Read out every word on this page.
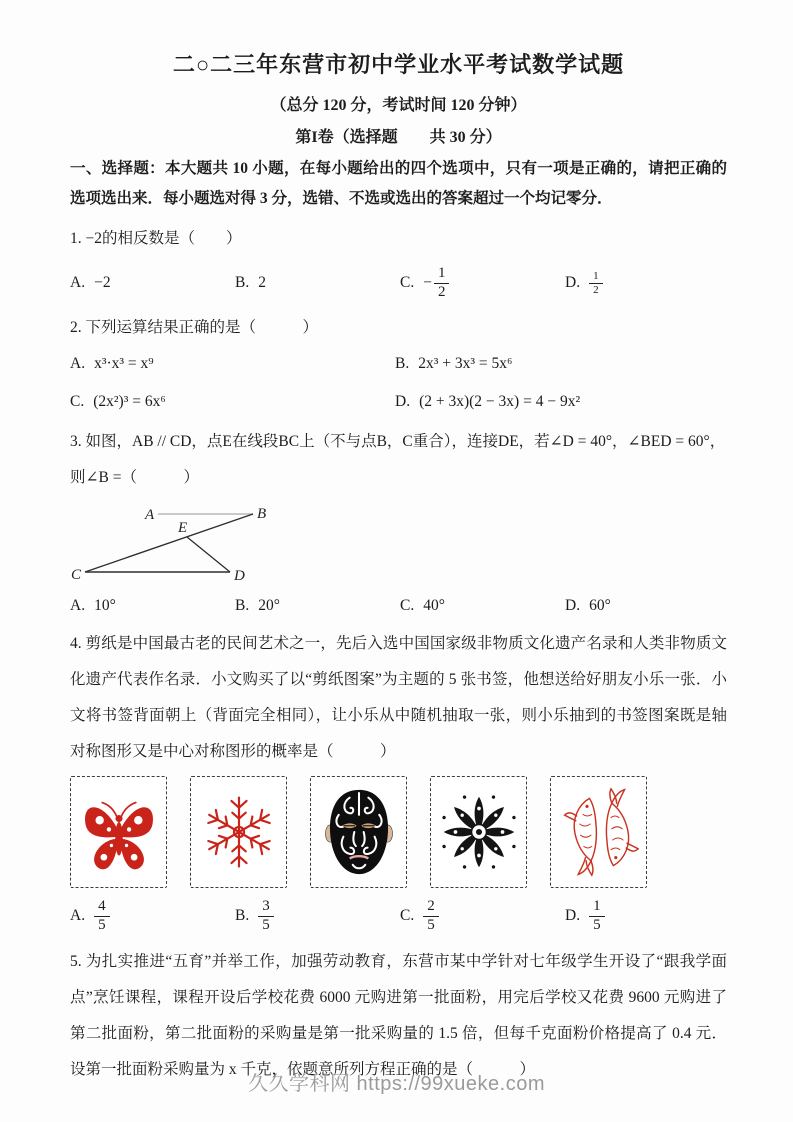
二○二三年东营市初中学业水平考试数学试题
（总分 120 分，考试时间 120 分钟）
第I卷（选择题　　共 30 分）

一、选择题：本大题共 10 小题，在每小题给出的四个选项中，只有一项是正确的，请把正确的选项选出来．每小题选对得 3 分，选错、不选或选出的答案超过一个均记零分．

1. −2的相反数是（　　）

A. −2	B. 2	C. − $\frac{1}{2}$	D. $\frac{1}{2}$

2. 下列运算结果正确的是（　　　）

A. x³·x³ = x⁹	B. 2x³ + 3x³ = 5x⁶
C. (2x²)³ = 6x⁶	D. (2 + 3x)(2 − 3x) = 4 − 9x²

3. 如图，AB // CD，点E在线段BC上（不与点B，C重合），连接DE，若∠D = 40°，∠BED = 60°，
则∠B =（　　　）

A	B
E
C	D
A. 10°	B. 20°	C. 40°	D. 60°

4. 剪纸是中国最古老的民间艺术之一，先后入选中国国家级非物质文化遗产名录和人类非物质文化遗产代表作名录．小文购买了以“剪纸图案”为主题的 5 张书签，他想送给好朋友小乐一张．小文将书签背面朝上（背面完全相同），让小乐从中随机抽取一张，则小乐抽到的书签图案既是轴对称图形又是中心对称图形的概率是（　　　）

A. $\frac{4}{5}$	B. $\frac{3}{5}$	C. $\frac{2}{5}$	D. $\frac{1}{5}$

5. 为扎实推进“五育”并举工作，加强劳动教育，东营市某中学针对七年级学生开设了“跟我学面点”烹饪课程，课程开设后学校花费 6000 元购进第一批面粉，用完后学校又花费 9600 元购进了第二批面粉，第二批面粉的采购量是第一批采购量的 1.5 倍，但每千克面粉价格提高了 0.4 元．设第一批面粉采购量为 x 千克，依题意所列方程正确的是（　　　）

久久学科网 https://99xueke.com
